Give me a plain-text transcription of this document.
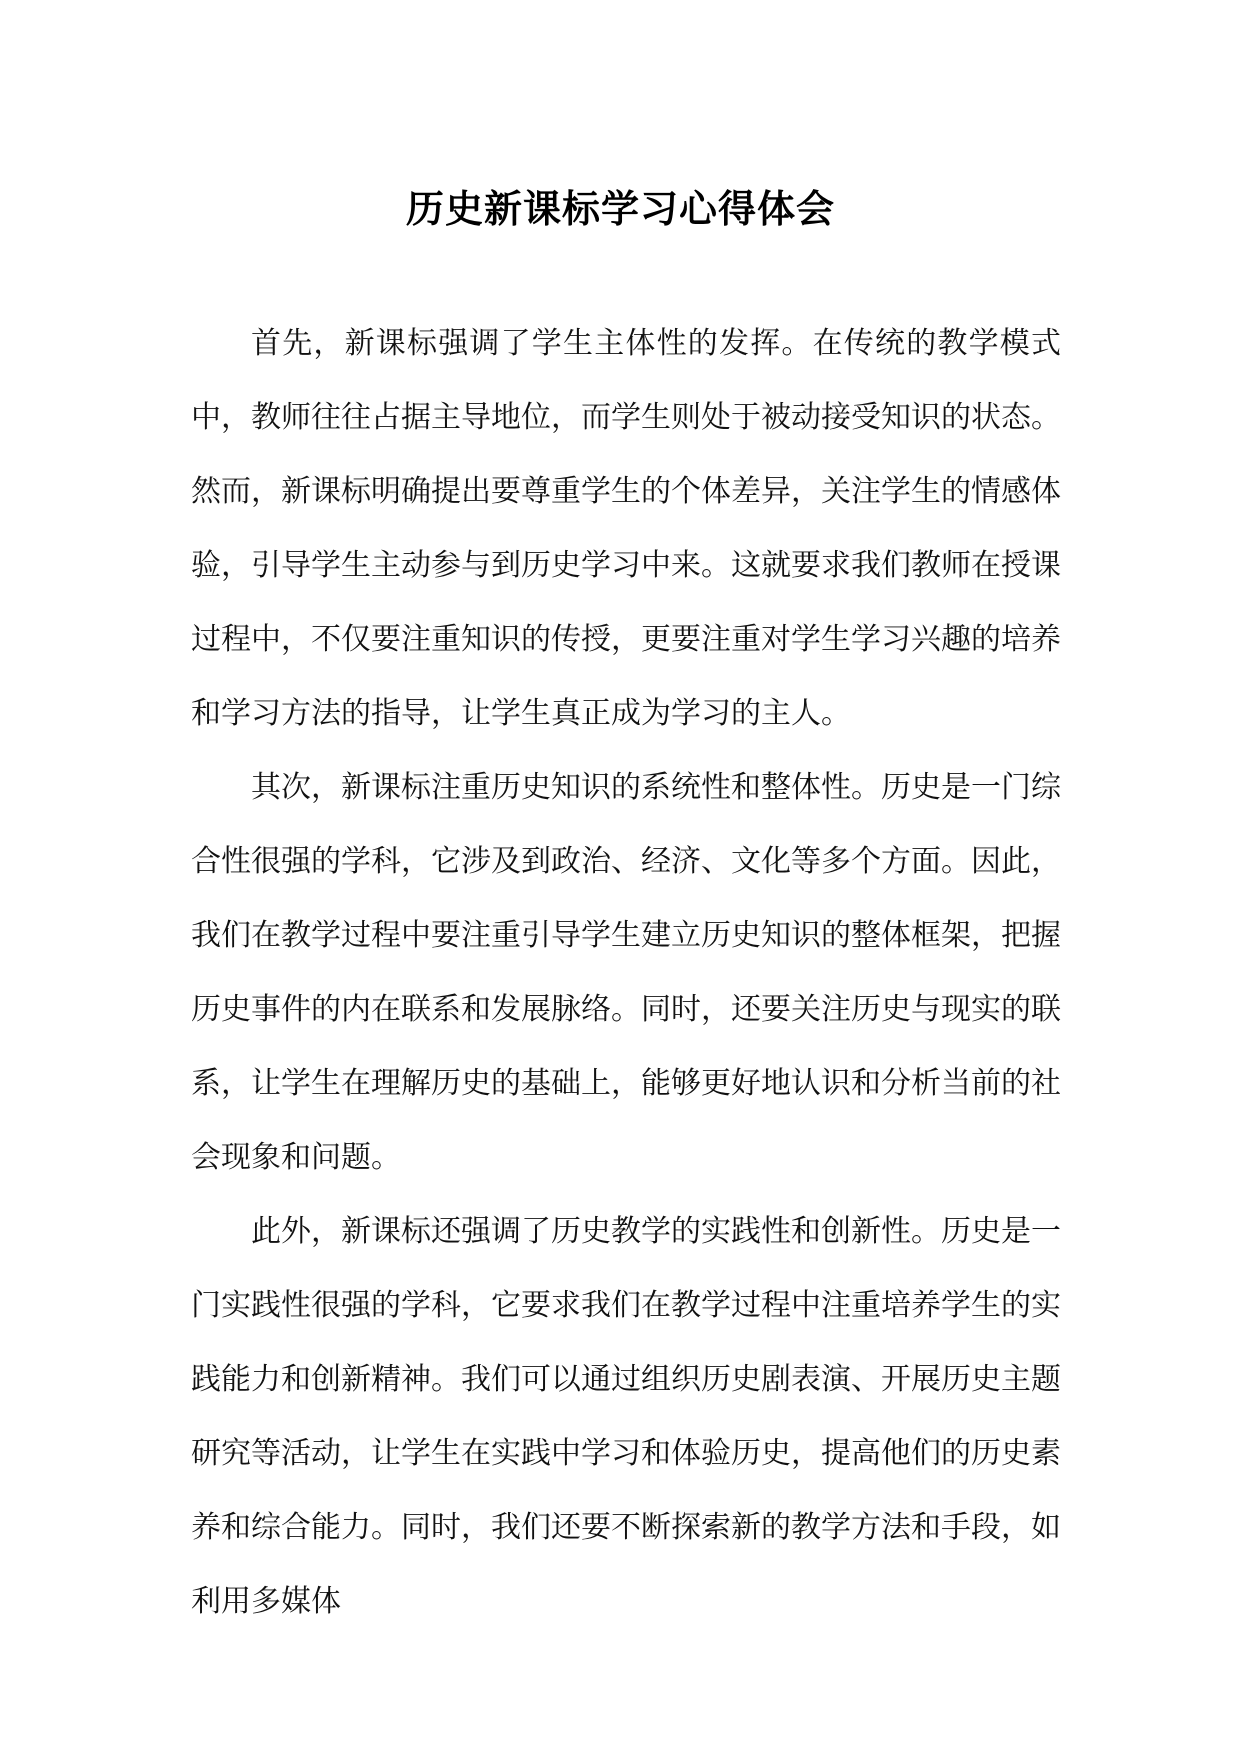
历史新课标学习心得体会

首先，新课标强调了学生主体性的发挥。在传统的教学模式中，教师往往占据主导地位，而学生则处于被动接受知识的状态。然而，新课标明确提出要尊重学生的个体差异，关注学生的情感体验，引导学生主动参与到历史学习中来。这就要求我们教师在授课过程中，不仅要注重知识的传授，更要注重对学生学习兴趣的培养和学习方法的指导，让学生真正成为学习的主人。

其次，新课标注重历史知识的系统性和整体性。历史是一门综合性很强的学科，它涉及到政治、经济、文化等多个方面。因此，我们在教学过程中要注重引导学生建立历史知识的整体框架，把握历史事件的内在联系和发展脉络。同时，还要关注历史与现实的联系，让学生在理解历史的基础上，能够更好地认识和分析当前的社会现象和问题。

此外，新课标还强调了历史教学的实践性和创新性。历史是一门实践性很强的学科，它要求我们在教学过程中注重培养学生的实践能力和创新精神。我们可以通过组织历史剧表演、开展历史主题研究等活动，让学生在实践中学习和体验历史，提高他们的历史素养和综合能力。同时，我们还要不断探索新的教学方法和手段，如利用多媒体
